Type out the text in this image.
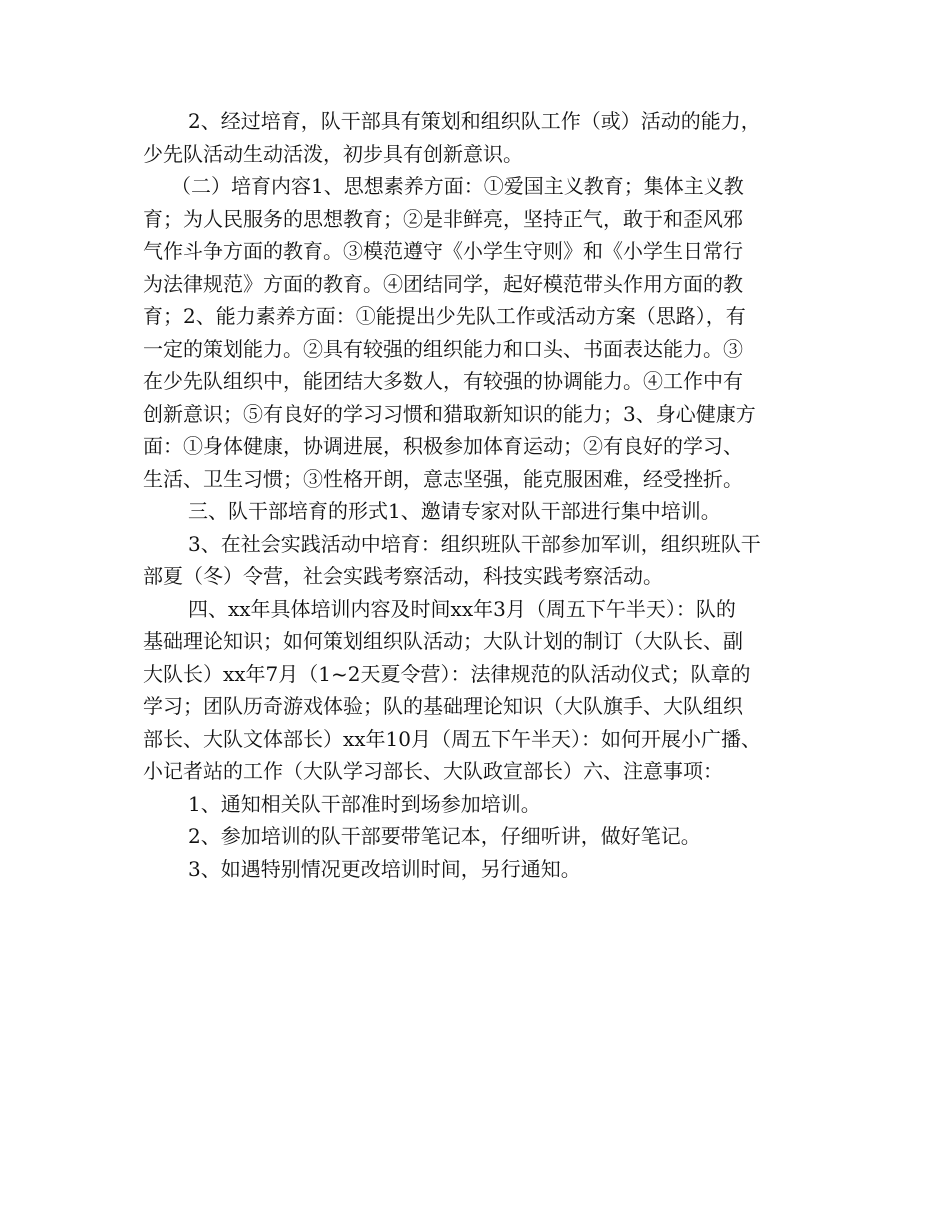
2、经过培育，队干部具有策划和组织队工作（或）活动的能力，
少先队活动生动活泼，初步具有创新意识。
（二）培育内容1、思想素养方面：①爱国主义教育；集体主义教
育；为人民服务的思想教育；②是非鲜亮，坚持正气，敢于和歪风邪
气作斗争方面的教育。③模范遵守《小学生守则》和《小学生日常行
为法律规范》方面的教育。④团结同学，起好模范带头作用方面的教
育；2、能力素养方面：①能提出少先队工作或活动方案（思路），有
一定的策划能力。②具有较强的组织能力和口头、书面表达能力。③
在少先队组织中，能团结大多数人，有较强的协调能力。④工作中有
创新意识；⑤有良好的学习习惯和猎取新知识的能力；3、身心健康方
面：①身体健康，协调进展，积极参加体育运动；②有良好的学习、
生活、卫生习惯；③性格开朗，意志坚强，能克服困难，经受挫折。
三、队干部培育的形式1、邀请专家对队干部进行集中培训。
3、在社会实践活动中培育：组织班队干部参加军训，组织班队干
部夏（冬）令营，社会实践考察活动，科技实践考察活动。
四、xx年具体培训内容及时间xx年3月（周五下午半天）：队的
基础理论知识；如何策划组织队活动；大队计划的制订（大队长、副
大队长）xx年7月（1~2天夏令营）：法律规范的队活动仪式；队章的
学习；团队历奇游戏体验；队的基础理论知识（大队旗手、大队组织
部长、大队文体部长）xx年10月（周五下午半天）：如何开展小广播、
小记者站的工作（大队学习部长、大队政宣部长）六、注意事项：
1、通知相关队干部准时到场参加培训。
2、参加培训的队干部要带笔记本，仔细听讲，做好笔记。
3、如遇特别情况更改培训时间，另行通知。
